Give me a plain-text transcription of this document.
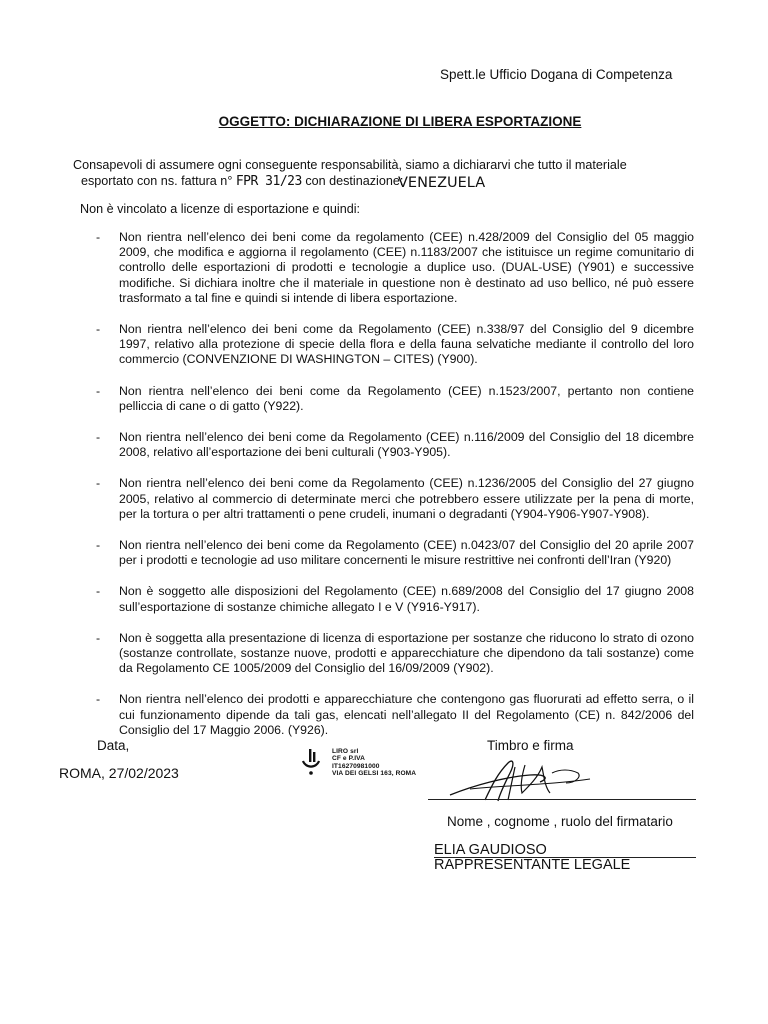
Spett.le Ufficio Dogana di Competenza
OGGETTO: DICHIARAZIONE DI LIBERA ESPORTAZIONE
Consapevoli di assumere ogni conseguente responsabilità, siamo a dichiararvi che tutto il materiale
esportato con ns. fattura n° FPR 31/23 con destinazione:
VENEZUELA
Non è vincolato a licenze di esportazione e quindi:
- Non rientra nell’elenco dei beni come da regolamento (CEE) n.428/2009 del Consiglio del 05 maggio 2009, che modifica e aggiorna il regolamento (CEE) n.1183/2007 che istituisce un regime comunitario di controllo delle esportazioni di prodotti e tecnologie a duplice uso. (DUAL-USE) (Y901) e successive modifiche. Si dichiara inoltre che il materiale in questione non è destinato ad uso bellico, né può essere trasformato a tal fine e quindi si intende di libera esportazione.
- Non rientra nell’elenco dei beni come da Regolamento (CEE) n.338/97 del Consiglio del 9 dicembre 1997, relativo alla protezione di specie della flora e della fauna selvatiche mediante il controllo del loro commercio (CONVENZIONE DI WASHINGTON – CITES) (Y900).
- Non rientra nell’elenco dei beni come da Regolamento (CEE) n.1523/2007, pertanto non contiene pelliccia di cane o di gatto (Y922).
- Non rientra nell’elenco dei beni come da Regolamento (CEE) n.116/2009 del Consiglio del 18 dicembre 2008, relativo all’esportazione dei beni culturali (Y903-Y905).
- Non rientra nell’elenco dei beni come da Regolamento (CEE) n.1236/2005 del Consiglio del 27 giugno 2005, relativo al commercio di determinate merci che potrebbero essere utilizzate per la pena di morte, per la tortura o per altri trattamenti o pene crudeli, inumani o degradanti (Y904-Y906-Y907-Y908).
- Non rientra nell’elenco dei beni come da Regolamento (CEE) n.0423/07 del Consiglio del 20 aprile 2007 per i prodotti e tecnologie ad uso militare concernenti le misure restrittive nei confronti dell’Iran (Y920)
- Non è soggetto alle disposizioni del Regolamento (CEE) n.689/2008 del Consiglio del 17 giugno 2008 sull’esportazione di sostanze chimiche allegato I e V (Y916-Y917).
- Non è soggetta alla presentazione di licenza di esportazione per sostanze che riducono lo strato di ozono (sostanze controllate, sostanze nuove, prodotti e apparecchiature che dipendono da tali sostanze) come da Regolamento CE 1005/2009 del Consiglio del 16/09/2009 (Y902).
- Non rientra nell’elenco dei prodotti e apparecchiature che contengono gas fluorurati ad effetto serra, o il cui funzionamento dipende da tali gas, elencati nell’allegato II del Regolamento (CE) n. 842/2006 del Consiglio del 17 Maggio 2006. (Y926).
Data,
ROMA, 27/02/2023
Timbro e firma
LIRO srl
CF e P.IVA
IT16270981000
VIA DEI GELSI 163, ROMA
Nome , cognome , ruolo del firmatario
ELIA GAUDIOSO
RAPPRESENTANTE LEGALE
